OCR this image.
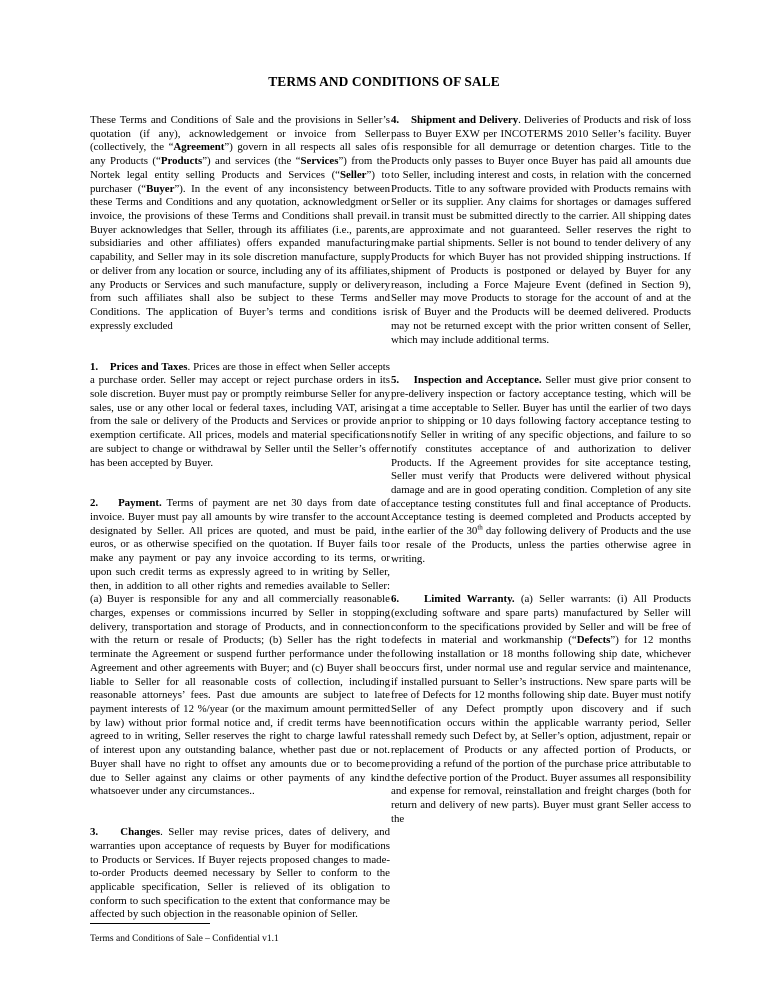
TERMS AND CONDITIONS OF SALE

These Terms and Conditions of Sale and the provisions in Seller’s quotation (if any), acknowledgement or invoice from Seller (collectively, the “Agreement”) govern in all respects all sales of any Products (“Products”) and services (the “Services”) from the Nortek legal entity selling Products and Services (“Seller”) to purchaser (“Buyer”). In the event of any inconsistency between these Terms and Conditions and any quotation, acknowledgment or invoice, the provisions of these Terms and Conditions shall prevail. Buyer acknowledges that Seller, through its affiliates (i.e., parents, subsidiaries and other affiliates) offers expanded manufacturing capability, and Seller may in its sole discretion manufacture, supply or deliver from any location or source, including any of its affiliates, any Products or Services and such manufacture, supply or delivery from such affiliates shall also be subject to these Terms and Conditions. The application of Buyer’s terms and conditions is expressly excluded

1. Prices and Taxes. Prices are those in effect when Seller accepts a purchase order. Seller may accept or reject purchase orders in its sole discretion. Buyer must pay or promptly reimburse Seller for any sales, use or any other local or federal taxes, including VAT, arising from the sale or delivery of the Products and Services or provide an exemption certificate. All prices, models and material specifications are subject to change or withdrawal by Seller until the Seller’s offer has been accepted by Buyer.

2. Payment. Terms of payment are net 30 days from date of invoice. Buyer must pay all amounts by wire transfer to the account designated by Seller. All prices are quoted, and must be paid, in euros, or as otherwise specified on the quotation. If Buyer fails to make any payment or pay any invoice according to its terms, or upon such credit terms as expressly agreed to in writing by Seller, then, in addition to all other rights and remedies available to Seller: (a) Buyer is responsible for any and all commercially reasonable charges, expenses or commissions incurred by Seller in stopping delivery, transportation and storage of Products, and in connection with the return or resale of Products; (b) Seller has the right to terminate the Agreement or suspend further performance under the Agreement and other agreements with Buyer; and (c) Buyer shall be liable to Seller for all reasonable costs of collection, including reasonable attorneys’ fees. Past due amounts are subject to late payment interests of 12 %/year (or the maximum amount permitted by law) without prior formal notice and, if credit terms have been agreed to in writing, Seller reserves the right to charge lawful rates of interest upon any outstanding balance, whether past due or not. Buyer shall have no right to offset any amounts due or to become due to Seller against any claims or other payments of any kind whatsoever under any circumstances..

3. Changes. Seller may revise prices, dates of delivery, and warranties upon acceptance of requests by Buyer for modifications to Products or Services. If Buyer rejects proposed changes to made-to-order Products deemed necessary by Seller to conform to the applicable specification, Seller is relieved of its obligation to conform to such specification to the extent that conformance may be affected by such objection in the reasonable opinion of Seller.

4. Shipment and Delivery. Deliveries of Products and risk of loss pass to Buyer EXW per INCOTERMS 2010 Seller’s facility. Buyer is responsible for all demurrage or detention charges. Title to the Products only passes to Buyer once Buyer has paid all amounts due to Seller, including interest and costs, in relation with the concerned Products. Title to any software provided with Products remains with Seller or its supplier. Any claims for shortages or damages suffered in transit must be submitted directly to the carrier. All shipping dates are approximate and not guaranteed. Seller reserves the right to make partial shipments. Seller is not bound to tender delivery of any Products for which Buyer has not provided shipping instructions. If shipment of Products is postponed or delayed by Buyer for any reason, including a Force Majeure Event (defined in Section 9), Seller may move Products to storage for the account of and at the risk of Buyer and the Products will be deemed delivered. Products may not be returned except with the prior written consent of Seller, which may include additional terms.

5. Inspection and Acceptance. Seller must give prior consent to pre-delivery inspection or factory acceptance testing, which will be at a time acceptable to Seller. Buyer has until the earlier of two days prior to shipping or 10 days following factory acceptance testing to notify Seller in writing of any specific objections, and failure to so notify constitutes acceptance of and authorization to deliver Products. If the Agreement provides for site acceptance testing, Seller must verify that Products were delivered without physical damage and are in good operating condition. Completion of any site acceptance testing constitutes full and final acceptance of Products. Acceptance testing is deemed completed and Products accepted by the earlier of the 30th day following delivery of Products and the use or resale of the Products, unless the parties otherwise agree in writing.

6. Limited Warranty. (a) Seller warrants: (i) All Products (excluding software and spare parts) manufactured by Seller will conform to the specifications provided by Seller and will be free of defects in material and workmanship (“Defects”) for 12 months following installation or 18 months following ship date, whichever occurs first, under normal use and regular service and maintenance, if installed pursuant to Seller’s instructions. New spare parts will be free of Defects for 12 months following ship date. Buyer must notify Seller of any Defect promptly upon discovery and if such notification occurs within the applicable warranty period, Seller shall remedy such Defect by, at Seller’s option, adjustment, repair or replacement of Products or any affected portion of Products, or providing a refund of the portion of the purchase price attributable to the defective portion of the Product. Buyer assumes all responsibility and expense for removal, reinstallation and freight charges (both for return and delivery of new parts). Buyer must grant Seller access to the

Terms and Conditions of Sale – Confidential v1.1
